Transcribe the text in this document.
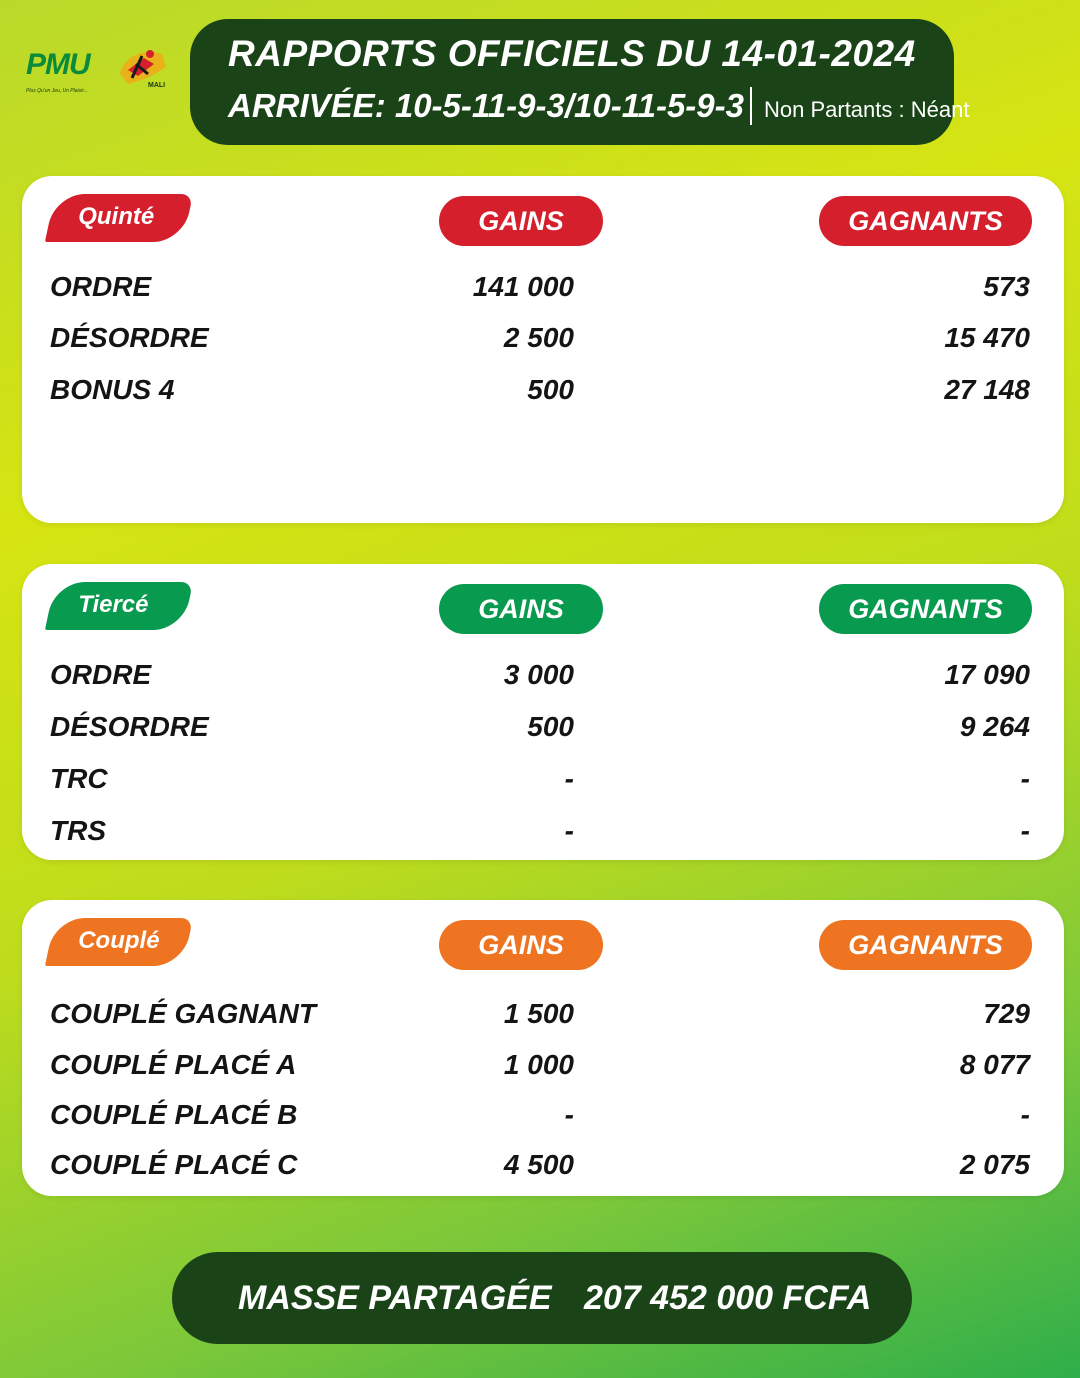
PMU
MALI
Plus Qu'un Jeu, Un Plaisir...
RAPPORTS OFFICIELS DU 14-01-2024
ARRIVÉE: 10-5-11-9-3/10-11-5-9-3 Non Partants : Néant
Quinté	GAINS	GAGNANTS
ORDRE	141 000	573
DÉSORDRE	2 500	15 470
BONUS 4	500	27 148
Tiercé	GAINS	GAGNANTS
ORDRE	3 000	17 090
DÉSORDRE	500	9 264
TRC	-	-
TRS	-	-
Couplé	GAINS	GAGNANTS
COUPLÉ GAGNANT	1 500	729
COUPLÉ PLACÉ A	1 000	8 077
COUPLÉ PLACÉ B	-	-
COUPLÉ PLACÉ C	4 500	2 075
MASSE PARTAGÉE 207 452 000 FCFA
